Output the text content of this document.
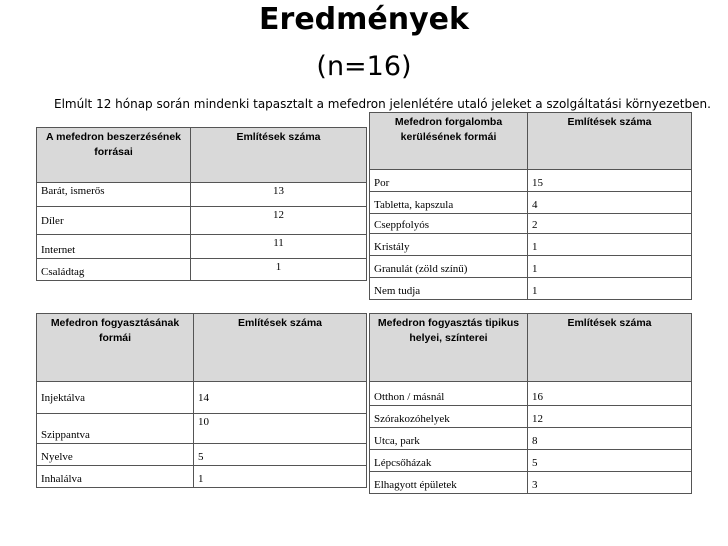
Eredmények
(n=16)
Elmúlt 12 hónap során mindenki tapasztalt a mefedron jelenlétére utaló jeleket a szolgáltatási környezetben.
A mefedron beszerzésének forrásai	Említések száma
Barát, ismerős	13
Díler	12
Internet	11
Családtag	1
Mefedron forgalomba kerülésének formái	Említések száma
Por	15
Tabletta, kapszula	4
Cseppfolyós	2
Kristály	1
Granulát (zöld színű)	1
Nem tudja	1
Mefedron fogyasztásának formái	Említések száma
Injektálva	14
Szippantva	10
Nyelve	5
Inhalálva	1
Mefedron fogyasztás tipikus helyei, színterei	Említések száma
Otthon / másnál	16
Szórakozóhelyek	12
Utca, park	8
Lépcsőházak	5
Elhagyott épületek	3
